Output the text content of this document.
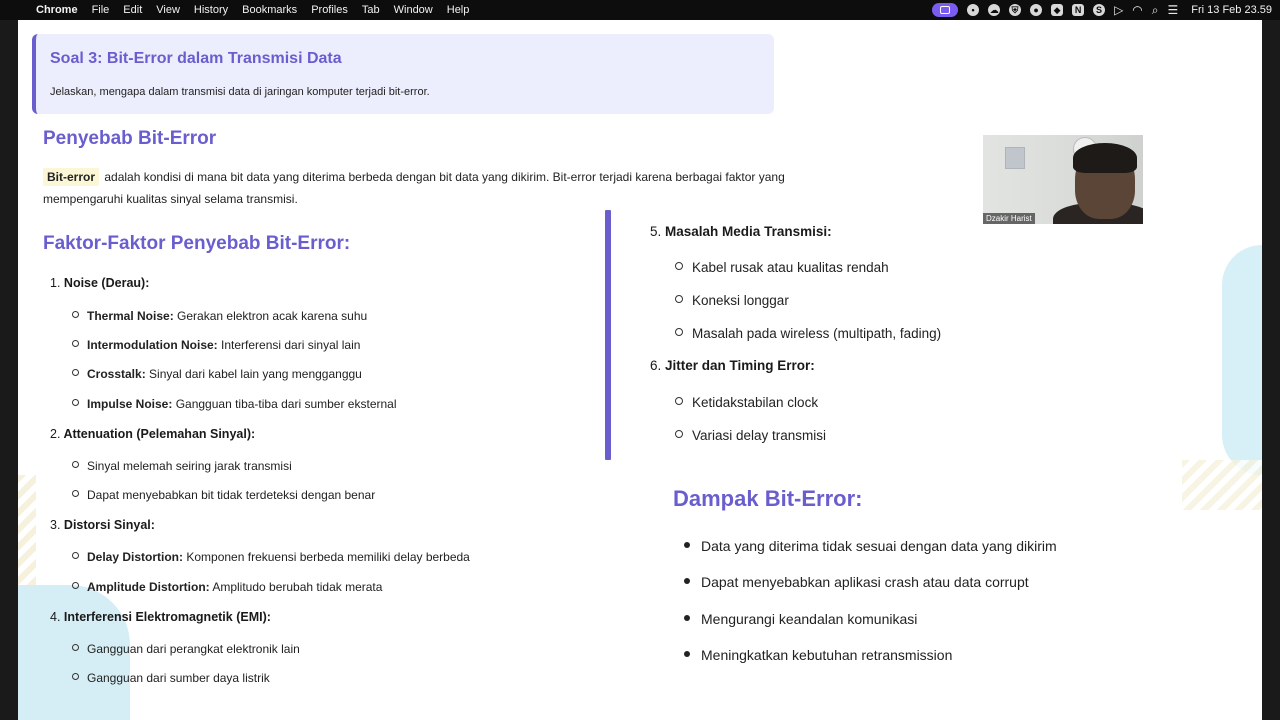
Chrome File Edit View History Bookmarks Profiles Tab Window Help	•	☁ ⛨	●	◆	N	S ▷ ◠ ⌕ ☰ Fri 13 Feb 23.59
Soal 3: Bit-Error dalam Transmisi Data
Jelaskan, mengapa dalam transmisi data di jaringan komputer terjadi bit-error.
Penyebab Bit-Error
Bit-error adalah kondisi di mana bit data yang diterima berbeda dengan bit data yang dikirim. Bit-error terjadi karena berbagai faktor yang mempengaruhi kualitas sinyal selama transmisi.
Faktor-Faktor Penyebab Bit-Error:
1. Noise (Derau):
Thermal Noise: Gerakan elektron acak karena suhu
Intermodulation Noise: Interferensi dari sinyal lain
Crosstalk: Sinyal dari kabel lain yang mengganggu
Impulse Noise: Gangguan tiba-tiba dari sumber eksternal
2. Attenuation (Pelemahan Sinyal):
Sinyal melemah seiring jarak transmisi
Dapat menyebabkan bit tidak terdeteksi dengan benar
3. Distorsi Sinyal:
Delay Distortion: Komponen frekuensi berbeda memiliki delay berbeda
Amplitude Distortion: Amplitudo berubah tidak merata
4. Interferensi Elektromagnetik (EMI):
Gangguan dari perangkat elektronik lain
Gangguan dari sumber daya listrik
5. Masalah Media Transmisi:
Kabel rusak atau kualitas rendah
Koneksi longgar
Masalah pada wireless (multipath, fading)
6. Jitter dan Timing Error:
Ketidakstabilan clock
Variasi delay transmisi
Dampak Bit-Error:
Data yang diterima tidak sesuai dengan data yang dikirim
Dapat menyebabkan aplikasi crash atau data corrupt
Mengurangi keandalan komunikasi
Meningkatkan kebutuhan retransmission
Dzakir Harist
